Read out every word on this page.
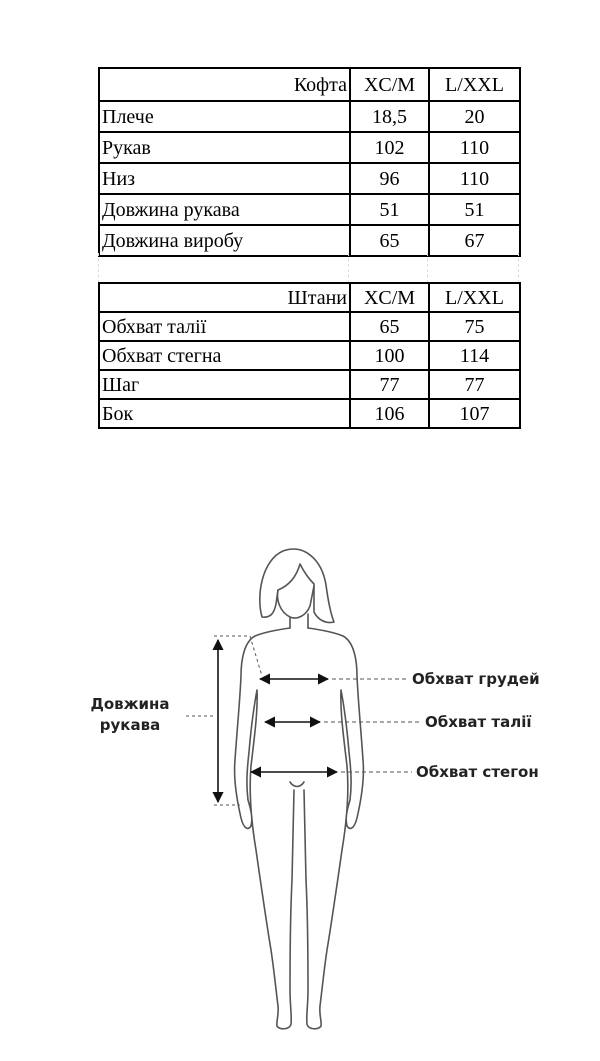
Кофта	XC/M	L/XXL
Плече	18,5	20
Рукав	102	110
Низ	96	110
Довжина рукава	51	51
Довжина виробу	65	67
Штани	XC/M	L/XXL
Обхват талії	65	75
Обхват стегна	100	114
Шаг	77	77
Бок	106	107
Довжина
рукава
Обхват грудей
Обхват талії
Обхват стегон
